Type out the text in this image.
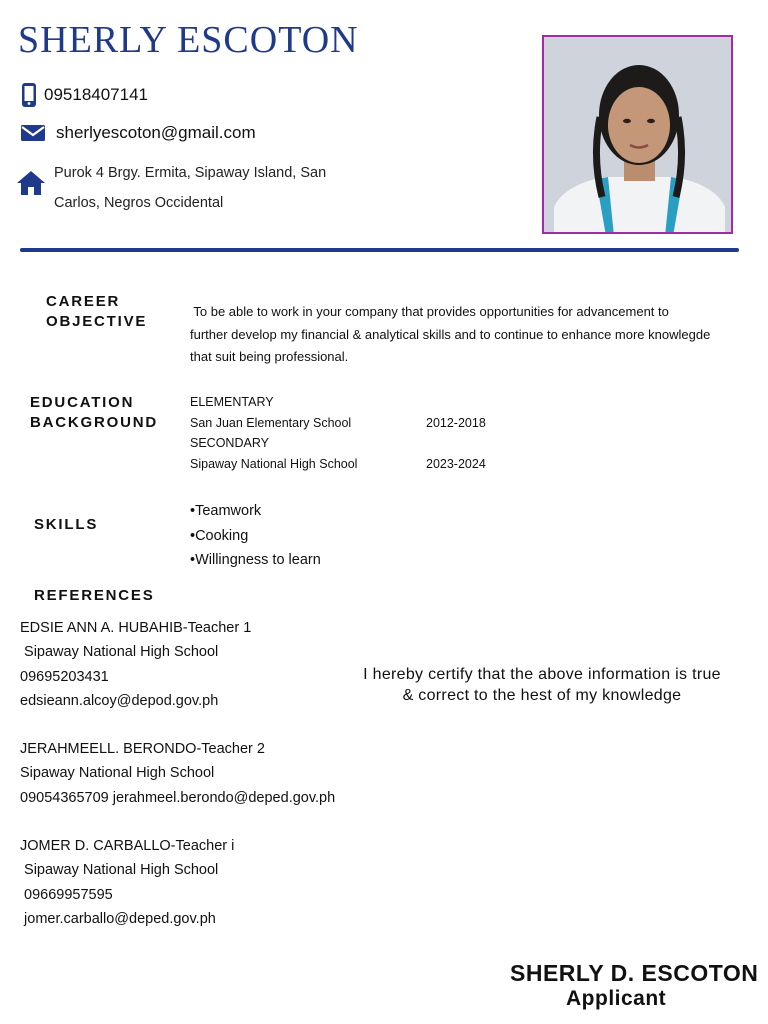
SHERLY ESCOTON
09518407141
sherlyescoton@gmail.com
Purok 4 Brgy. Ermita, Sipaway Island, San
Carlos, Negros Occidental
CAREER
OBJECTIVE
To be able to work in your company that provides opportunities for advancement to
further develop my financial & analytical skills and to continue to enhance more knowlegde
that suit being professional.
EDUCATION
BACKGROUND
ELEMENTARY
San Juan Elementary School	2012-2018
SECONDARY
Sipaway National High School	2023-2024
SKILLS
•Teamwork
•Cooking
•Willingness to learn
REFERENCES
EDSIE ANN A. HUBAHIB-Teacher 1
Sipaway National High School
09695203431
edsieann.alcoy@depod.gov.ph
JERAHMEELL. BERONDO-Teacher 2
Sipaway National High School
09054365709 jerahmeel.berondo@deped.gov.ph
JOMER D. CARBALLO-Teacher i
Sipaway National High School
09669957595
jomer.carballo@deped.gov.ph
I hereby certify that the above information is true
& correct to the hest of my knowledge
SHERLY D. ESCOTON
Applicant
